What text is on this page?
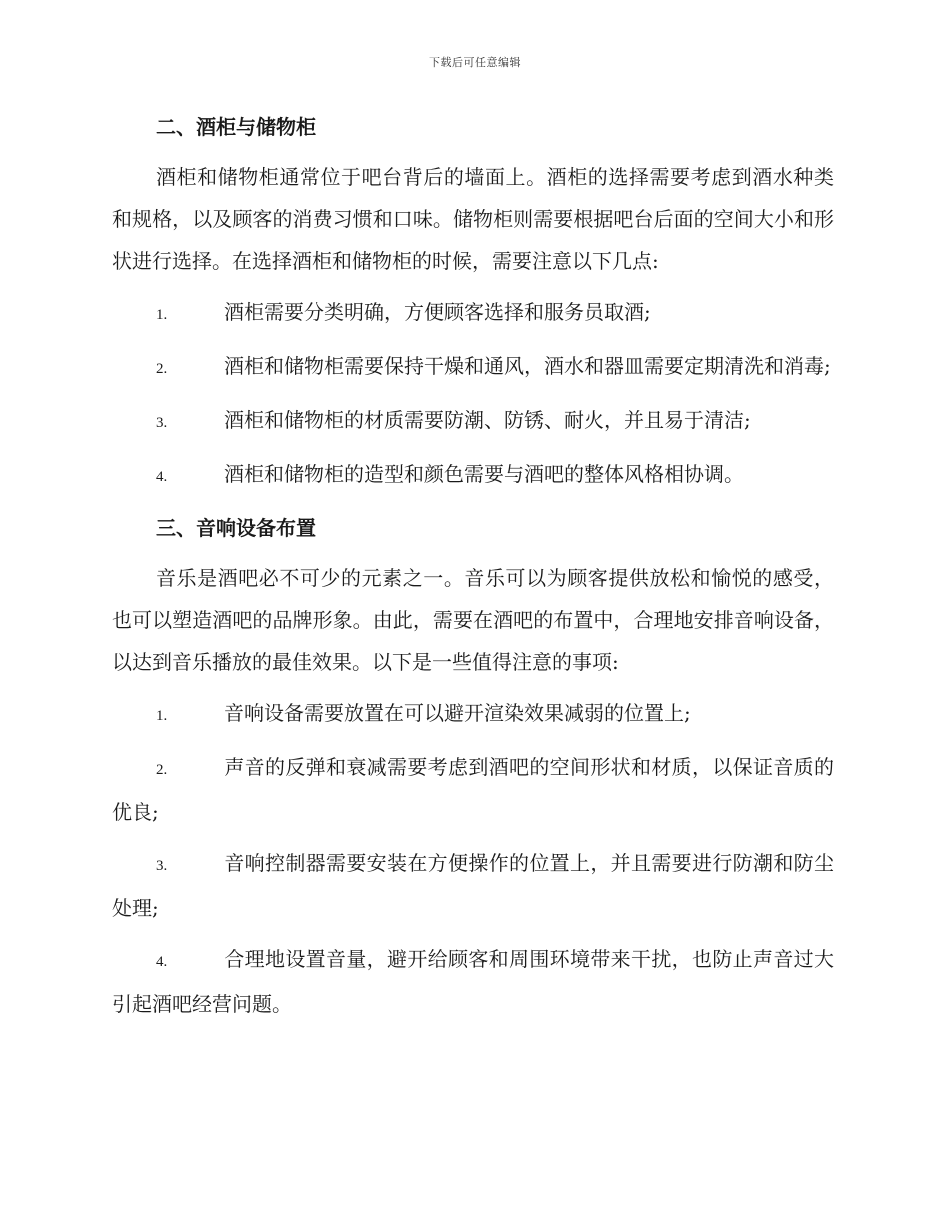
下载后可任意编辑
二、酒柜与储物柜

酒柜和储物柜通常位于吧台背后的墙面上。酒柜的选择需要考虑到酒水种类和规格，以及顾客的消费习惯和口味。储物柜则需要根据吧台后面的空间大小和形状进行选择。在选择酒柜和储物柜的时候，需要注意以下几点:

1.	酒柜需要分类明确，方便顾客选择和服务员取酒;

2.	酒柜和储物柜需要保持干燥和通风，酒水和器皿需要定期清洗和消毒;

3.	酒柜和储物柜的材质需要防潮、防锈、耐火，并且易于清洁;

4.	酒柜和储物柜的造型和颜色需要与酒吧的整体风格相协调。

三、音响设备布置

音乐是酒吧必不可少的元素之一。音乐可以为顾客提供放松和愉悦的感受，也可以塑造酒吧的品牌形象。由此，需要在酒吧的布置中，合理地安排音响设备，以达到音乐播放的最佳效果。以下是一些值得注意的事项:

1.	音响设备需要放置在可以避开渲染效果减弱的位置上;

2.	声音的反弹和衰减需要考虑到酒吧的空间形状和材质，以保证音质的优良;

3.	音响控制器需要安装在方便操作的位置上，并且需要进行防潮和防尘处理;

4.	合理地设置音量，避开给顾客和周围环境带来干扰，也防止声音过大引起酒吧经营问题。
